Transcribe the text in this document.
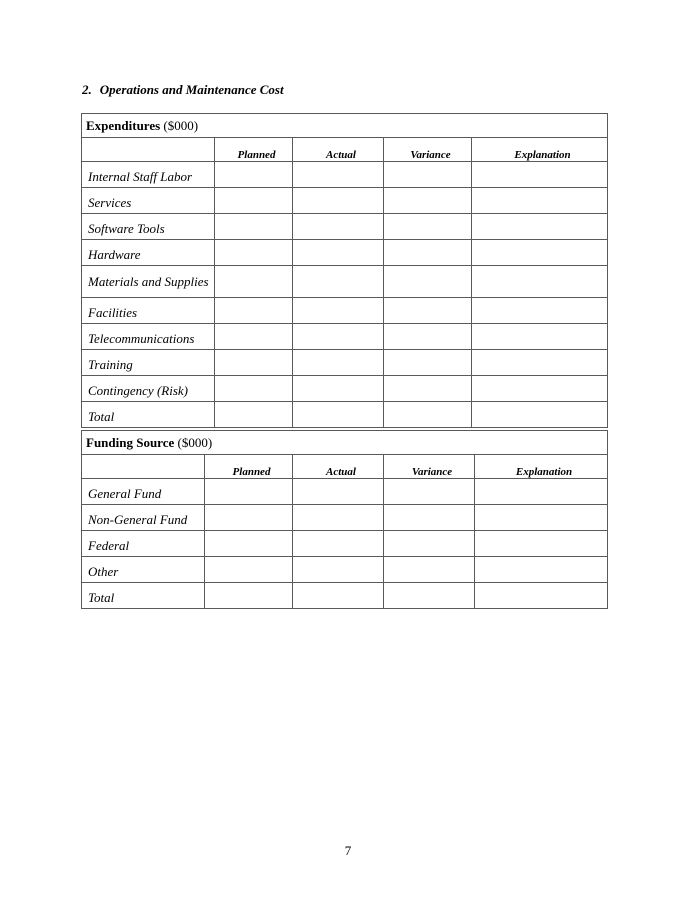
2. Operations and Maintenance Cost
Expenditures ($000)				
	Planned	Actual	Variance	Explanation
Internal Staff Labor				
Services				
Software Tools				
Hardware				
Materials and Supplies				
Facilities				
Telecommunications				
Training				
Contingency (Risk)				
Total				
Funding Source ($000)				
	Planned	Actual	Variance	Explanation
General Fund				
Non-General Fund				
Federal				
Other				
Total				
7
